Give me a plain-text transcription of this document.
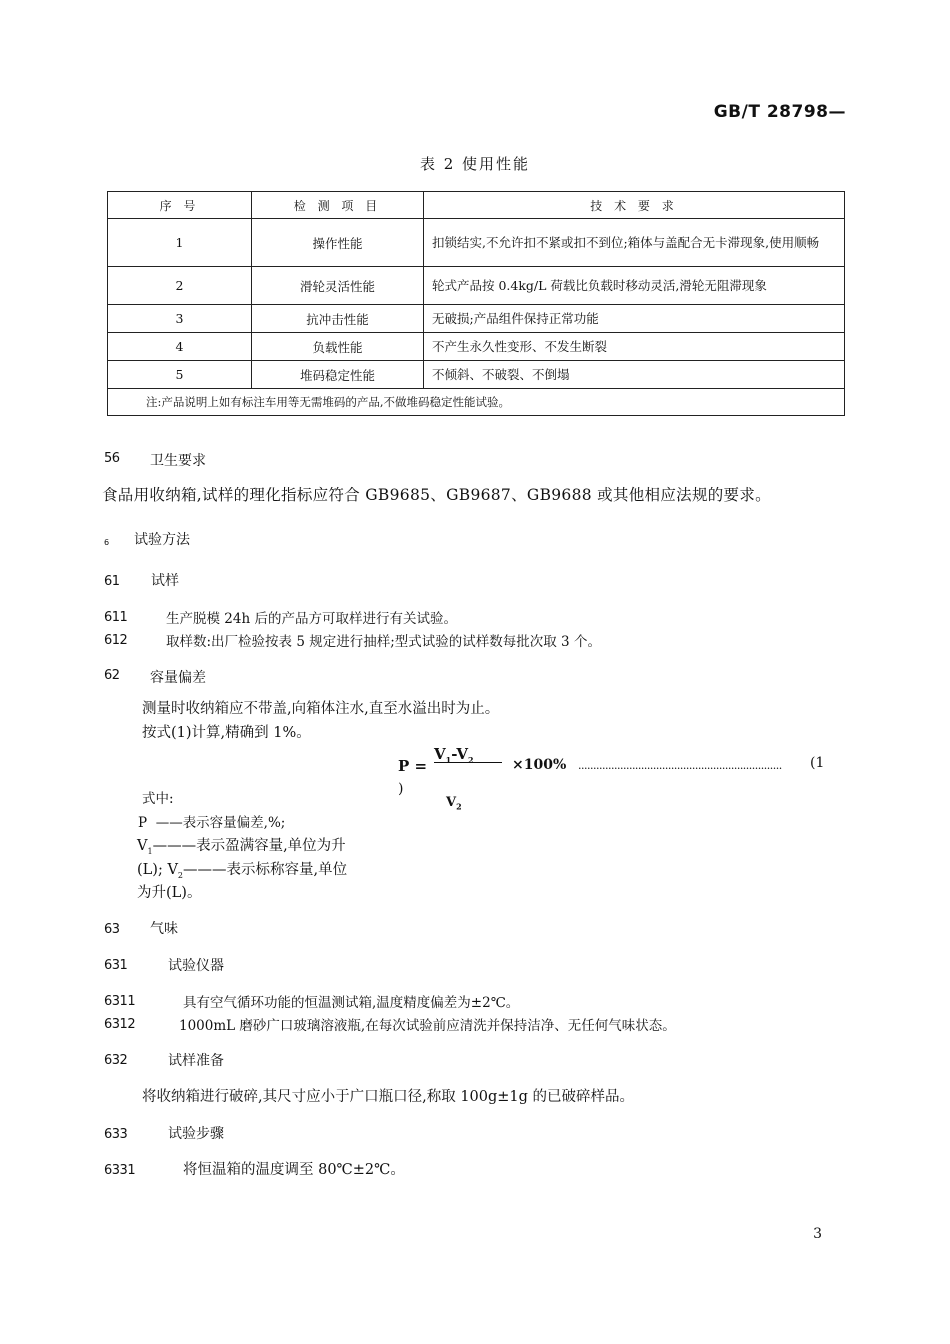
GB/T 28798—
表 2 使用性能
序 号	检 测 项 目	技 术 要 求
1	操作性能	扣锁结实,不允许扣不紧或扣不到位;箱体与盖配合无卡滞现象,使用顺畅
2	滑轮灵活性能	轮式产品按 0.4kg/L 荷载比负载时移动灵活,滑轮无阻滞现象
3	抗冲击性能	无破损;产品组件保持正常功能
4	负载性能	不产生永久性变形、不发生断裂
5	堆码稳定性能	不倾斜、不破裂、不倒塌
注:产品说明上如有标注车用等无需堆码的产品,不做堆码稳定性能试验。		
56 卫生要求
食品用收纳箱,试样的理化指标应符合 GB9685、GB9687、GB9688 或其他相应法规的要求。
6 试验方法
61 试样
611	生产脱模 24h 后的产品方可取样进行有关试验。
612	取样数:出厂检验按表 5 规定进行抽样;型式试验的试样数每批次取 3 个。
62 容量偏差
测量时收纳箱应不带盖,向箱体注水,直至水溢出时为止。
按式(1)计算,精确到 1%。
P =
$V_1-V_2$	×100% .................................................................... (1
)
$V_2$
式中:
P ——表示容量偏差,%;
$V_1———$表示盈满容量,单位为升
(L); $V_2———$表示标称容量,单位
为升(L)。
63 气味
631	试验仪器
6311	具有空气循环功能的恒温测试箱,温度精度偏差为±2℃。
6312	1000mL 磨砂广口玻璃溶液瓶,在每次试验前应清洗并保持洁净、无任何气味状态。
632	试样准备
将收纳箱进行破碎,其尺寸应小于广口瓶口径,称取 100g±1g 的已破碎样品。
633	试验步骤
6331	将恒温箱的温度调至 80℃±2℃。
3
